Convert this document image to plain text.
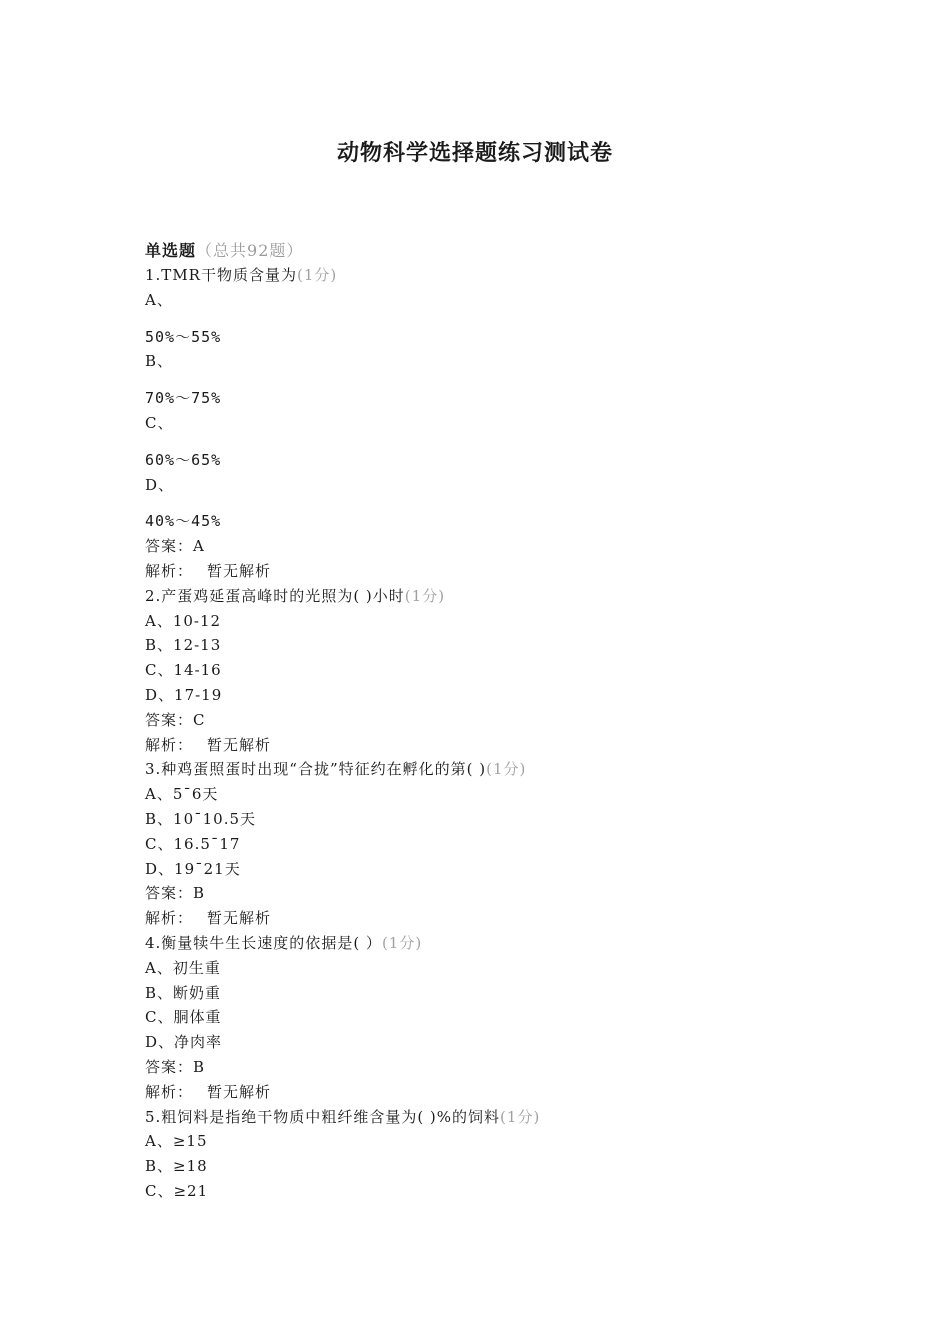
动物科学选择题练习测试卷
单选题（总共92题）
1.TMR干物质含量为(1分)
A、
50%～55%
B、
70%～75%
C、
60%～65%
D、
40%～45%
答案：A
解析： 暂无解析
2.产蛋鸡延蛋高峰时的光照为( )小时(1分)
A、10-12
B、12-13
C、14-16
D、17-19
答案：C
解析： 暂无解析
3.种鸡蛋照蛋时出现“合拢”特征约在孵化的第( )(1分)
A、5¯6天
B、10¯10.5天
C、16.5¯17
D、19¯21天
答案：B
解析： 暂无解析
4.衡量犊牛生长速度的依据是( ）(1分)
A、初生重
B、断奶重
C、胴体重
D、净肉率
答案：B
解析： 暂无解析
5.粗饲料是指绝干物质中粗纤维含量为( )%的饲料(1分)
A、≥15
B、≥18
C、≥21
